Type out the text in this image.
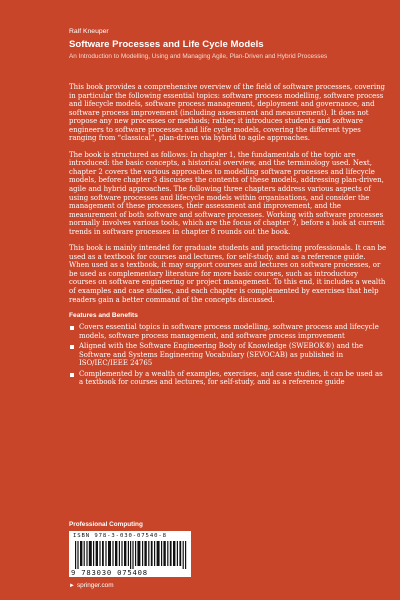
Ralf Kneuper
Software Processes and Life Cycle Models
An Introduction to Modelling, Using and Managing Agile, Plan-Driven and Hybrid Processes

This book provides a comprehensive overview of the field of software processes, covering in particular the following essential topics: software process modelling, software process and lifecycle models, software process management, deployment and governance, and software process improvement (including assessment and measurement). It does not propose any new processes or methods; rather, it introduces students and software engineers to software processes and life cycle models, covering the different types ranging from “classical”, plan-driven via hybrid to agile approaches.

The book is structured as follows: In chapter 1, the fundamentals of the topic are introduced: the basic concepts, a historical overview, and the terminology used. Next, chapter 2 covers the various approaches to modelling software processes and lifecycle models, before chapter 3 discusses the contents of these models, addressing plan-driven, agile and hybrid approaches. The following three chapters address various aspects of using software processes and lifecycle models within organisations, and consider the management of these processes, their assessment and improvement, and the measurement of both software and software processes. Working with software processes normally involves various tools, which are the focus of chapter 7, before a look at current trends in software processes in chapter 8 rounds out the book.

This book is mainly intended for graduate students and practicing professionals. It can be used as a textbook for courses and lectures, for self-study, and as a reference guide. When used as a textbook, it may support courses and lectures on software processes, or be used as complementary literature for more basic courses, such as introductory courses on software engineering or project management. To this end, it includes a wealth of examples and case studies, and each chapter is complemented by exercises that help readers gain a better command of the concepts discussed.

Features and Benefits
Covers essential topics in software process modelling, software process and lifecycle models, software process management, and software process improvement
Aligned with the Software Engineering Body of Knowledge (SWEBOK®) and the Software and Systems Engineering Vocabulary (SEVOCAB) as published in ISO/IEC/IEEE 24765
Complemented by a wealth of examples, exercises, and case studies, it can be used as a textbook for courses and lectures, for self-study, and as a reference guide
Professional Computing
ISBN 978-3-030-07540-8
9 783030 075408
► springer.com
